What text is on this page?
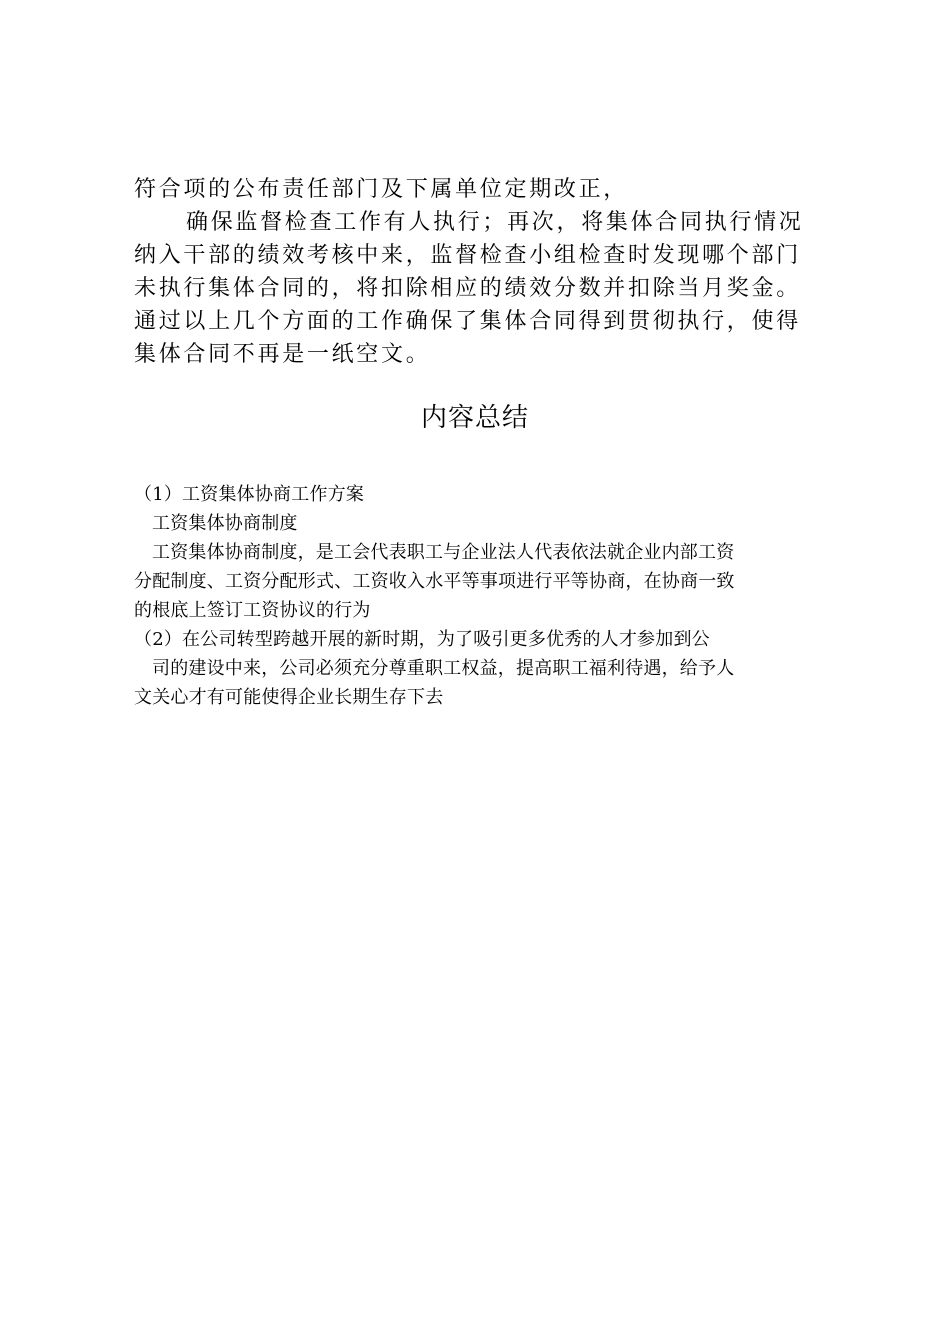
符合项的公布责任部门及下属单位定期改正，
确保监督检查工作有人执行；再次，将集体合同执行情况
纳入干部的绩效考核中来，监督检查小组检查时发现哪个部门
未执行集体合同的，将扣除相应的绩效分数并扣除当月奖金。
通过以上几个方面的工作确保了集体合同得到贯彻执行，使得
集体合同不再是一纸空文。
内容总结
（1）工资集体协商工作方案
工资集体协商制度
工资集体协商制度，是工会代表职工与企业法人代表依法就企业内部工资
分配制度、工资分配形式、工资收入水平等事项进行平等协商，在协商一致
的根底上签订工资协议的行为
（2）在公司转型跨越开展的新时期，为了吸引更多优秀的人才参加到公
司的建设中来，公司必须充分尊重职工权益，提高职工福利待遇，给予人
文关心才有可能使得企业长期生存下去
